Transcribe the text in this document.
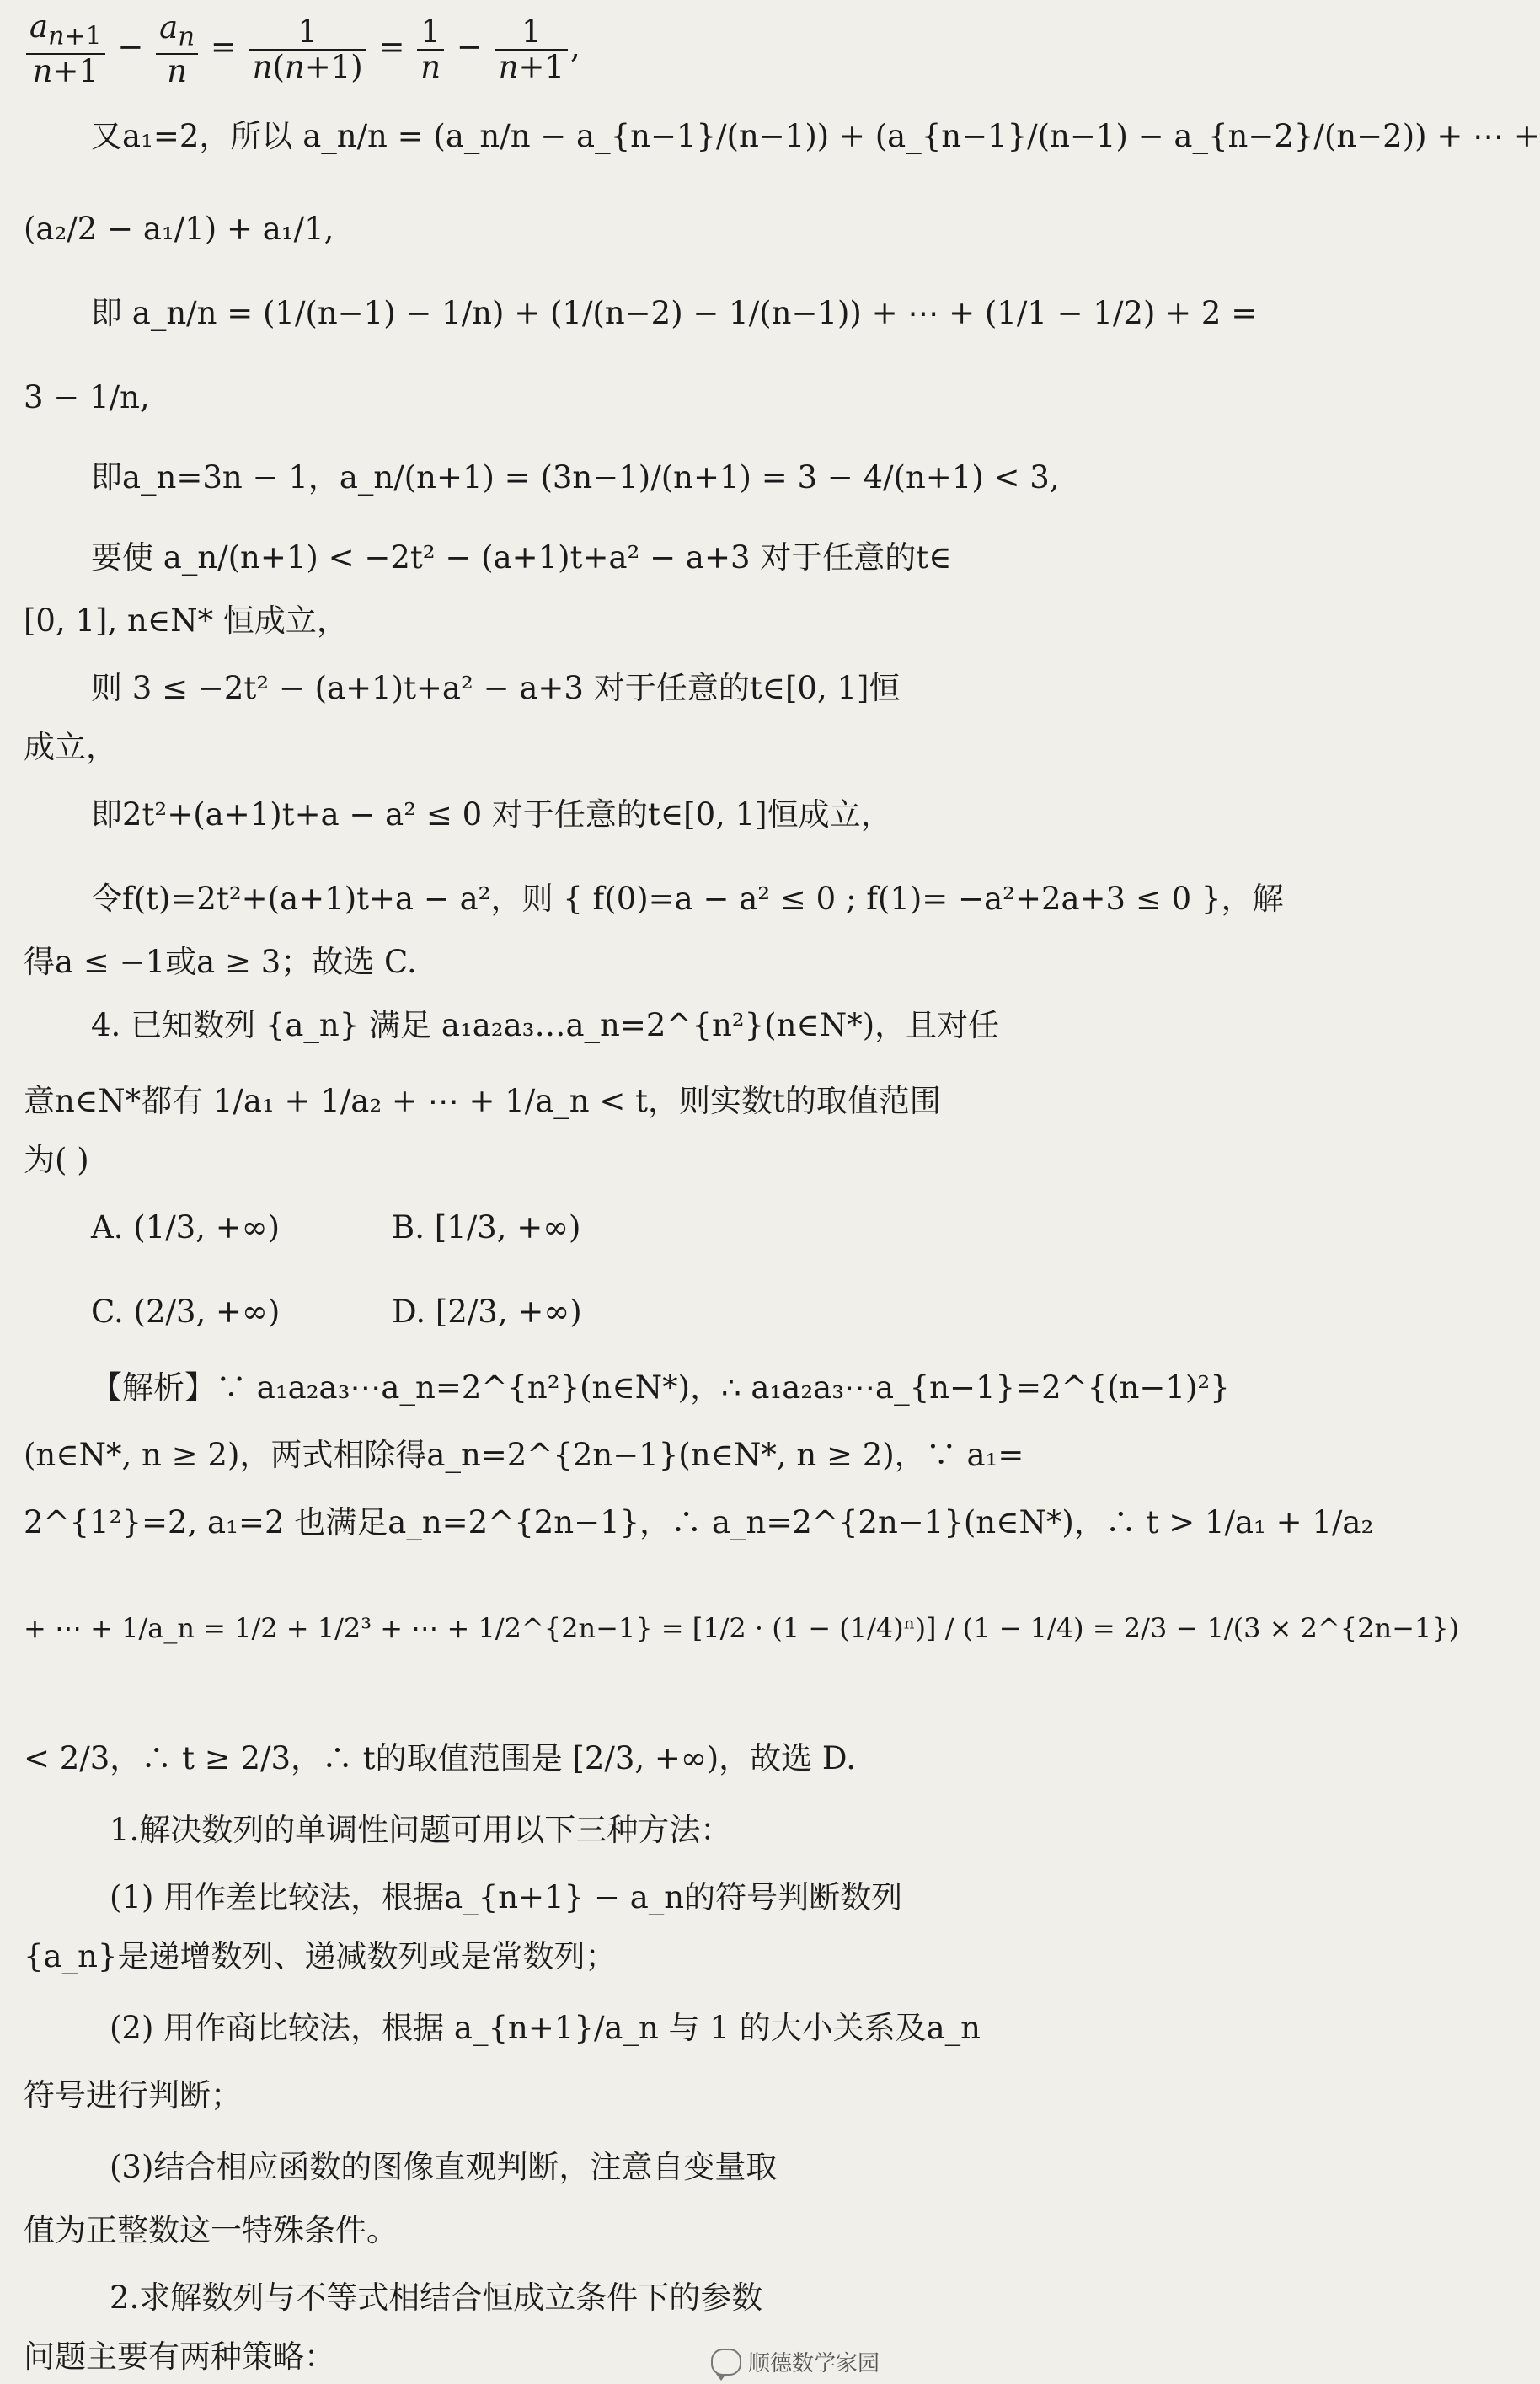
$\frac{a_{n+1}}{n+1} - \frac{a_n}{n} = \frac{1}{n(n+1)} = \frac{1}{n} - \frac{1}{n+1}$ ,
又a₁=2，所以 a_n/n = (a_n/n − a_{n−1}/(n−1)) + (a_{n−1}/(n−1) − a_{n−2}/(n−2)) + ⋯ +
(a₂/2 − a₁/1) + a₁/1,
即 a_n/n = (1/(n−1) − 1/n) + (1/(n−2) − 1/(n−1)) + ⋯ + (1/1 − 1/2) + 2 =
3 − 1/n,
即a_n=3n − 1，a_n/(n+1) = (3n−1)/(n+1) = 3 − 4/(n+1) < 3,
要使 a_n/(n+1) < −2t² − (a+1)t+a² − a+3 对于任意的t∈
[0, 1], n∈N* 恒成立，
则 3 ≤ −2t² − (a+1)t+a² − a+3 对于任意的t∈[0, 1]恒
成立，
即2t²+(a+1)t+a − a² ≤ 0 对于任意的t∈[0, 1]恒成立，
令f(t)=2t²+(a+1)t+a − a²，则 { f(0)=a − a² ≤ 0 ; f(1)= −a²+2a+3 ≤ 0 }，解
得a ≤ −1或a ≥ 3；故选 C.
4. 已知数列 {a_n} 满足 a₁a₂a₃…a_n=2^{n²}(n∈N*)，且对任
意n∈N*都有 1/a₁ + 1/a₂ + ⋯ + 1/a_n < t，则实数t的取值范围
为( )
A. (1/3, +∞)	B. [1/3, +∞)
C. (2/3, +∞)	D. [2/3, +∞)
【解析】∵ a₁a₂a₃⋯a_n=2^{n²}(n∈N*)，∴ a₁a₂a₃⋯a_{n−1}=2^{(n−1)²}
(n∈N*, n ≥ 2)，两式相除得a_n=2^{2n−1}(n∈N*, n ≥ 2)，∵ a₁=
2^{1²}=2, a₁=2 也满足a_n=2^{2n−1}，∴ a_n=2^{2n−1}(n∈N*)，∴ t > 1/a₁ + 1/a₂
+ ⋯ + 1/a_n = 1/2 + 1/2³ + ⋯ + 1/2^{2n−1} = [1/2 · (1 − (1/4)ⁿ)] / (1 − 1/4) = 2/3 − 1/(3 × 2^{2n−1})
< 2/3，∴ t ≥ 2/3，∴ t的取值范围是 [2/3, +∞)，故选 D.
1.解决数列的单调性问题可用以下三种方法：
(1) 用作差比较法，根据a_{n+1} − a_n的符号判断数列
{a_n}是递增数列、递减数列或是常数列；
(2) 用作商比较法，根据 a_{n+1}/a_n 与 1 的大小关系及a_n
符号进行判断；
(3)结合相应函数的图像直观判断，注意自变量取
值为正整数这一特殊条件。
2.求解数列与不等式相结合恒成立条件下的参数
问题主要有两种策略：	顺德数学家园
